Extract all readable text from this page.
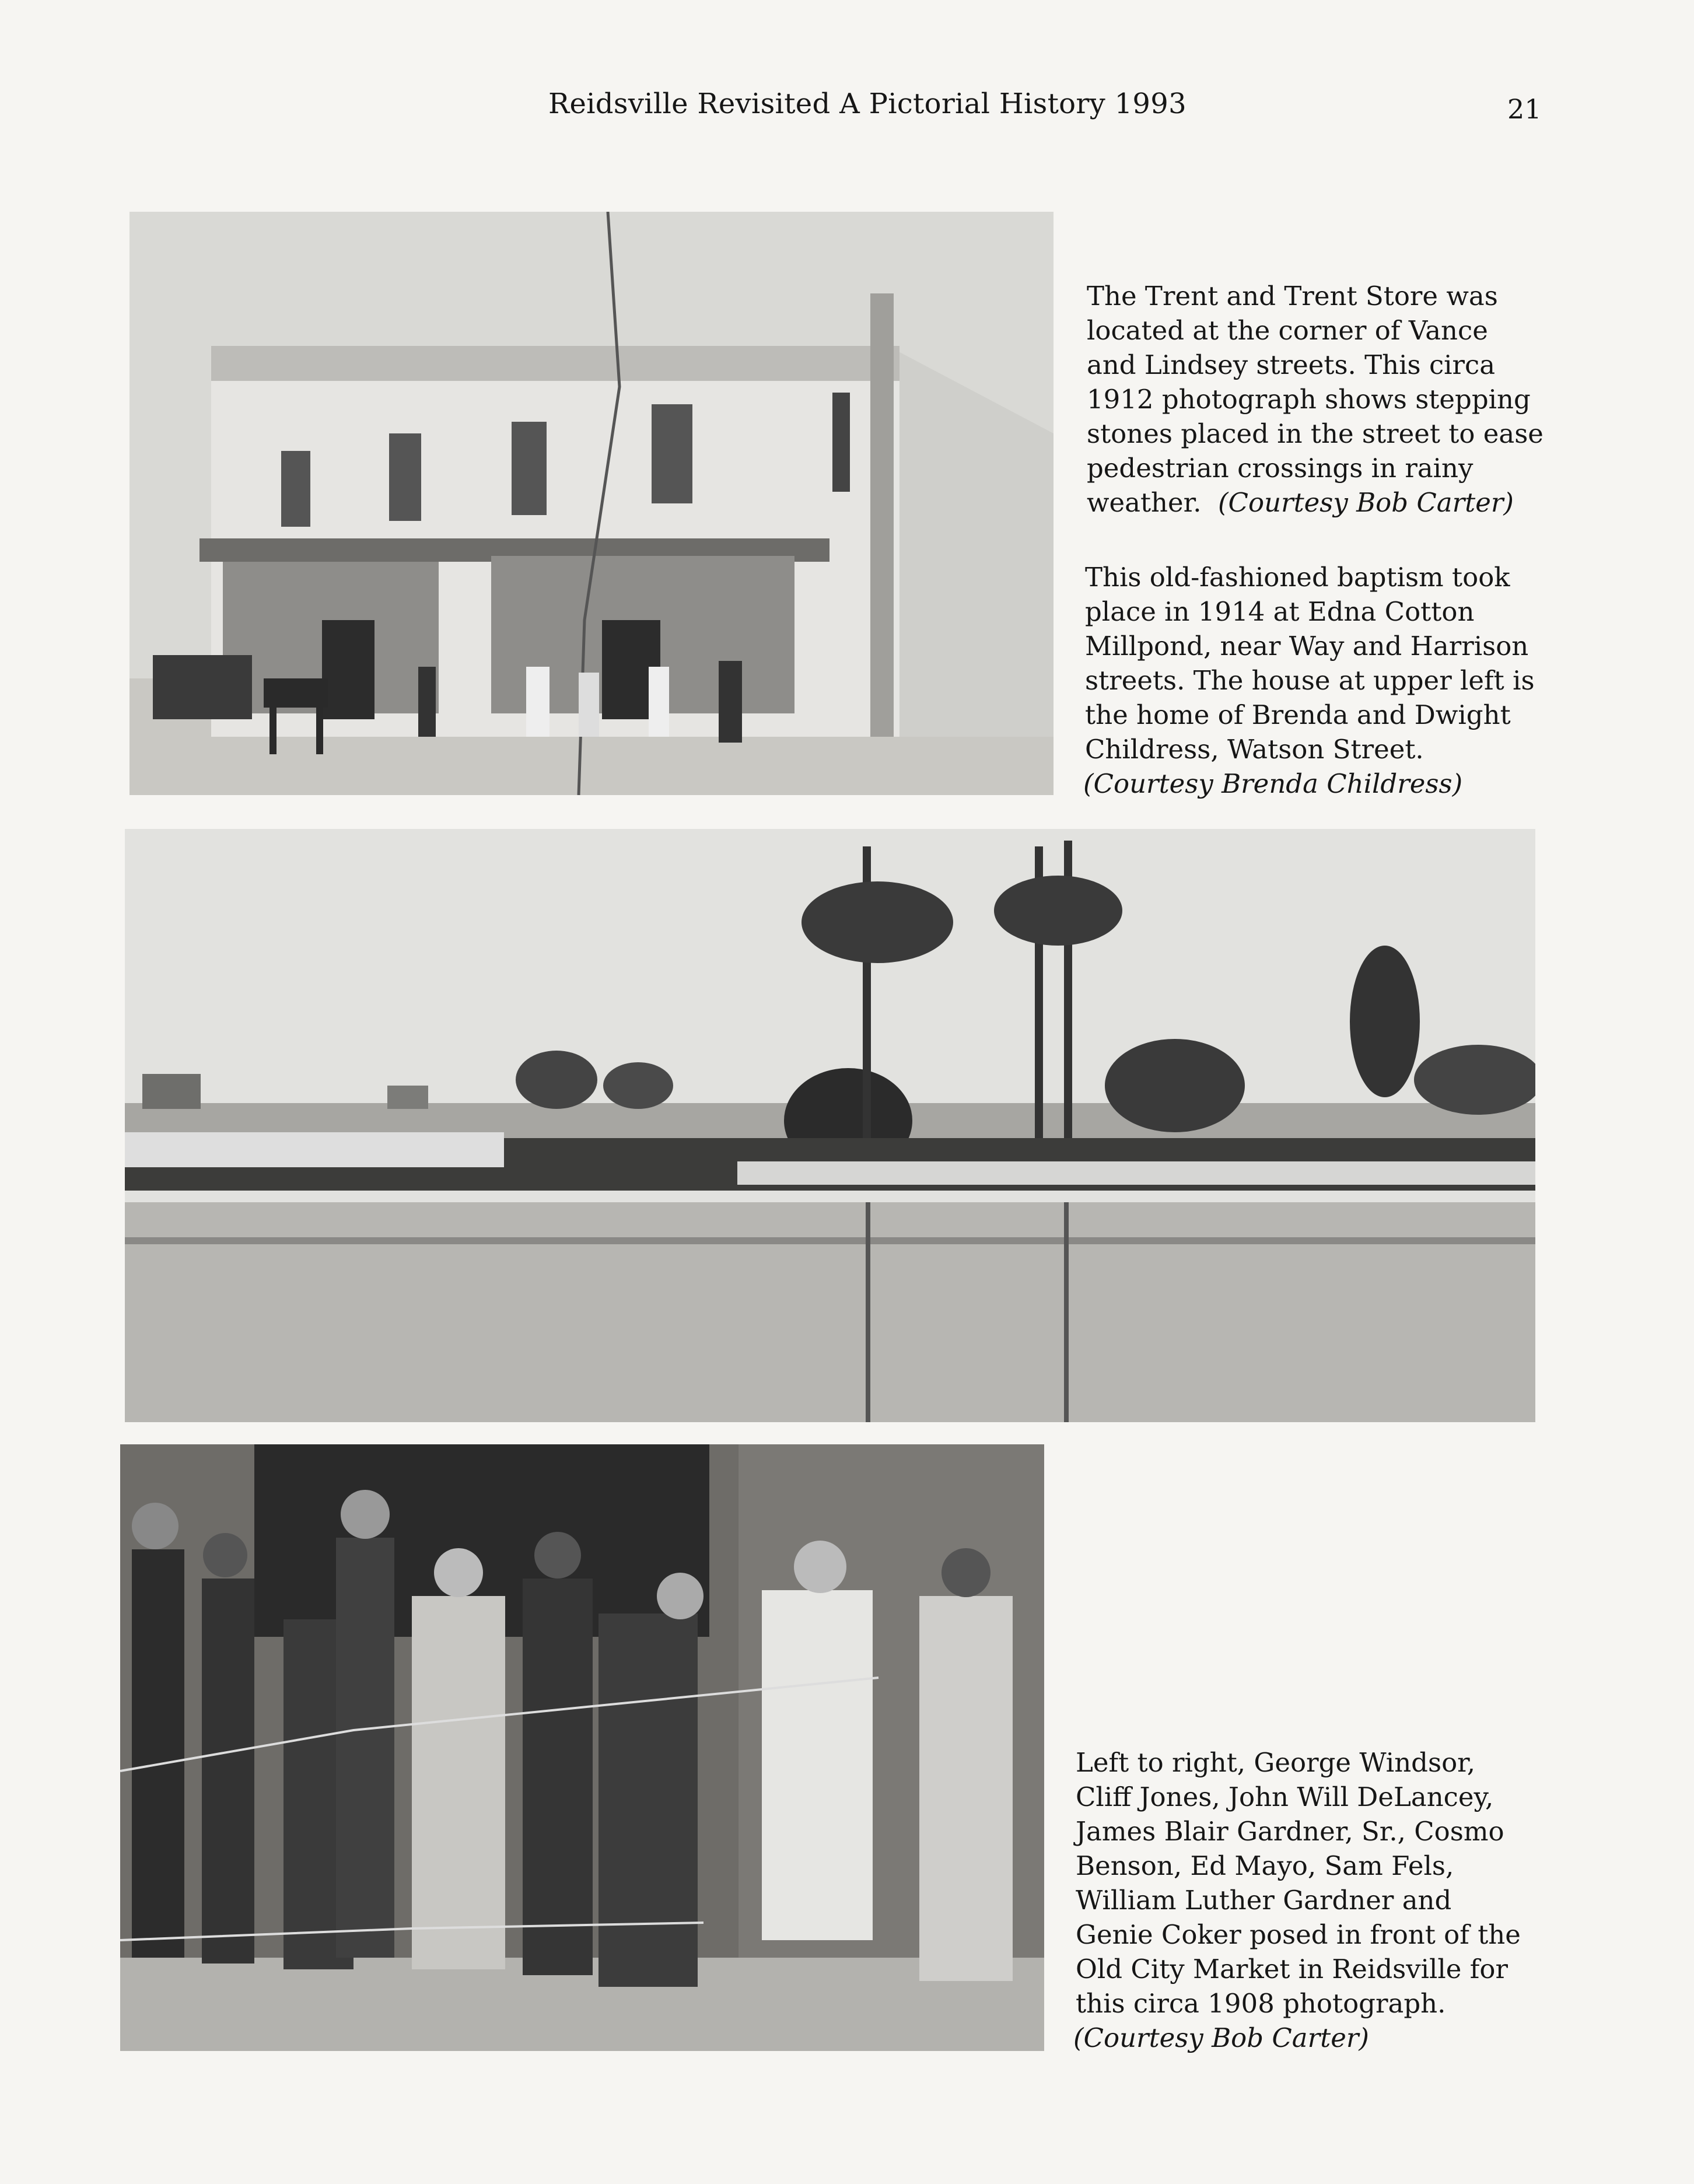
Reidsville Revisited A Pictorial History 1993	21
The Trent and Trent Store was
located at the corner of Vance
and Lindsey streets. This circa
1912 photograph shows stepping
stones placed in the street to ease
pedestrian crossings in rainy
weather. (Courtesy Bob Carter)
This old-fashioned baptism took
place in 1914 at Edna Cotton
Millpond, near Way and Harrison
streets. The house at upper left is
the home of Brenda and Dwight
Childress, Watson Street.
(Courtesy Brenda Childress)
Left to right, George Windsor,
Cliff Jones, John Will DeLancey,
James Blair Gardner, Sr., Cosmo
Benson, Ed Mayo, Sam Fels,
William Luther Gardner and
Genie Coker posed in front of the
Old City Market in Reidsville for
this circa 1908 photograph.
(Courtesy Bob Carter)
